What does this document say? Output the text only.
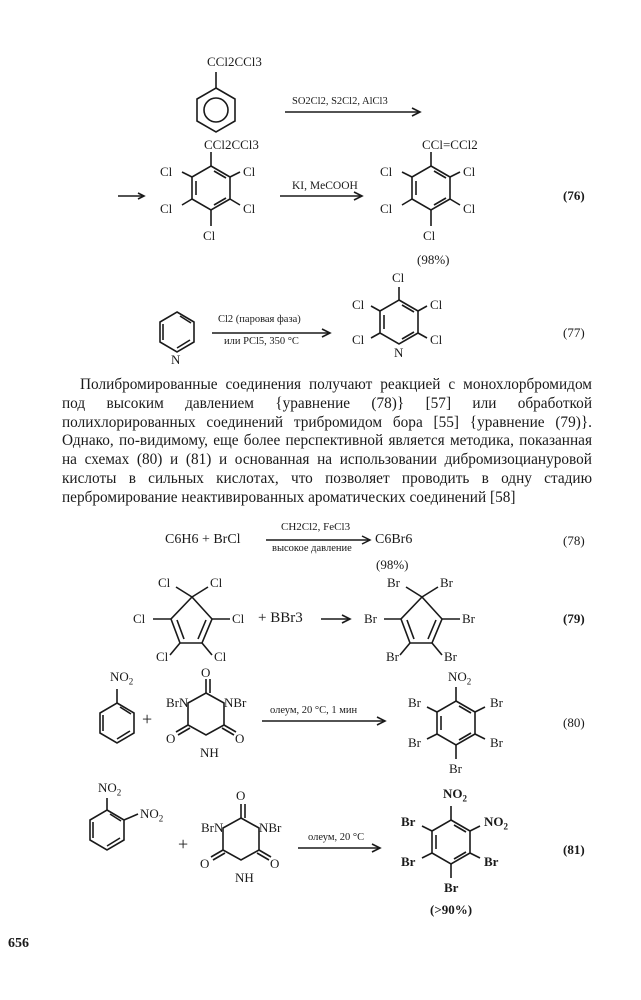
CCl2CCl3
SO2Cl2, S2Cl2, AlCl3
CCl2CCl3
Cl
Cl
Cl
Cl
Cl
KI, MeCOOH
CCl=CCl2
Cl
Cl
Cl
Cl
Cl
(98%)
(76)
N
Cl2 (паровая фаза)
или PCl5, 350 °C
Cl
Cl
Cl
Cl
Cl
N
(77)

Полибромированные соединения получают реакцией с монохлорбромидом под высоким давлением {уравнение (78)} [57] или обработкой полихлорированных соединений трибромидом бора [55] {уравнение (79)}. Однако, по-видимому, еще более перспективной является методика, показанная на схемах (80) и (81) и основанная на использовании дибромизоциануровой кислоты в сильных кислотах, что позволяет проводить в одну стадию пербромирование неактивированных ароматических соединений [58]

C6H6 + BrCl
CH2Cl2, FeCl3
высокое давление
C6Br6
(98%)
(78)
Cl	Cl
Cl	Cl
Cl	Cl
+ BBr3
Br	Br
Br	Br
Br	Br
(79)
$NO_2$
+
O
BrN	NBr
O	O
NH
олеум, 20 °C, 1 мин
$NO_2$
Br
Br
Br
Br
Br
(80)
$NO_2$
$NO_2$
+
O
BrN	NBr
O	O
NH
олеум, 20 °C
$NO_2$
$NO_2$
Br
Br	Br
Br
(>90%)
(81)
656
